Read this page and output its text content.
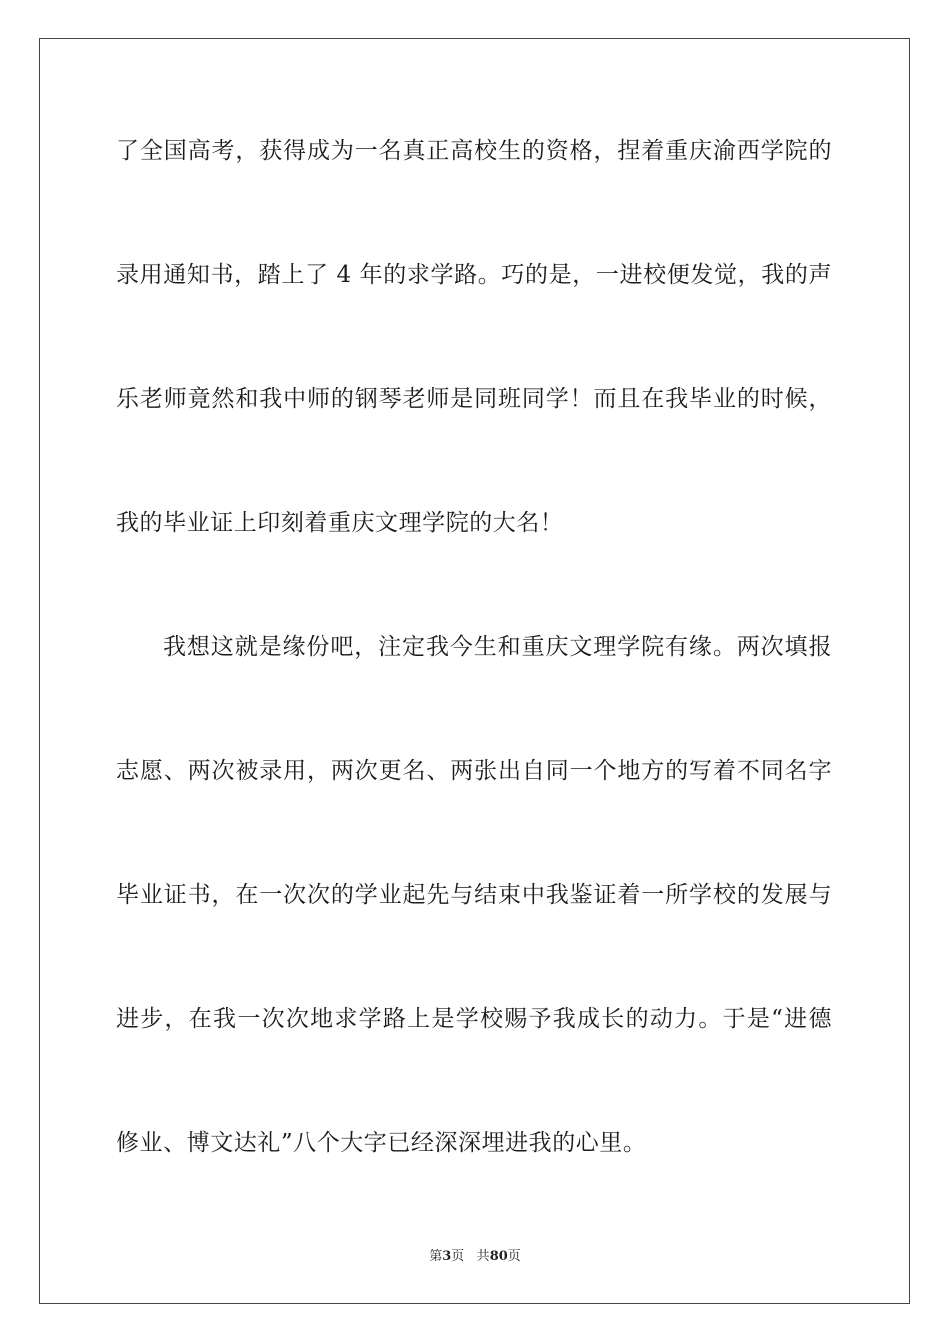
了全国高考，获得成为一名真正高校生的资格，捏着重庆渝西学院的
录用通知书，踏上了 4 年的求学路。巧的是，一进校便发觉，我的声
乐老师竟然和我中师的钢琴老师是同班同学！而且在我毕业的时候，
我的毕业证上印刻着重庆文理学院的大名！
我想这就是缘份吧，注定我今生和重庆文理学院有缘。两次填报
志愿、两次被录用，两次更名、两张出自同一个地方的写着不同名字
毕业证书，在一次次的学业起先与结束中我鉴证着一所学校的发展与
进步，在我一次次地求学路上是学校赐予我成长的动力。于是“进德
修业、博文达礼”八个大字已经深深埋进我的心里。
第3页 共80页
